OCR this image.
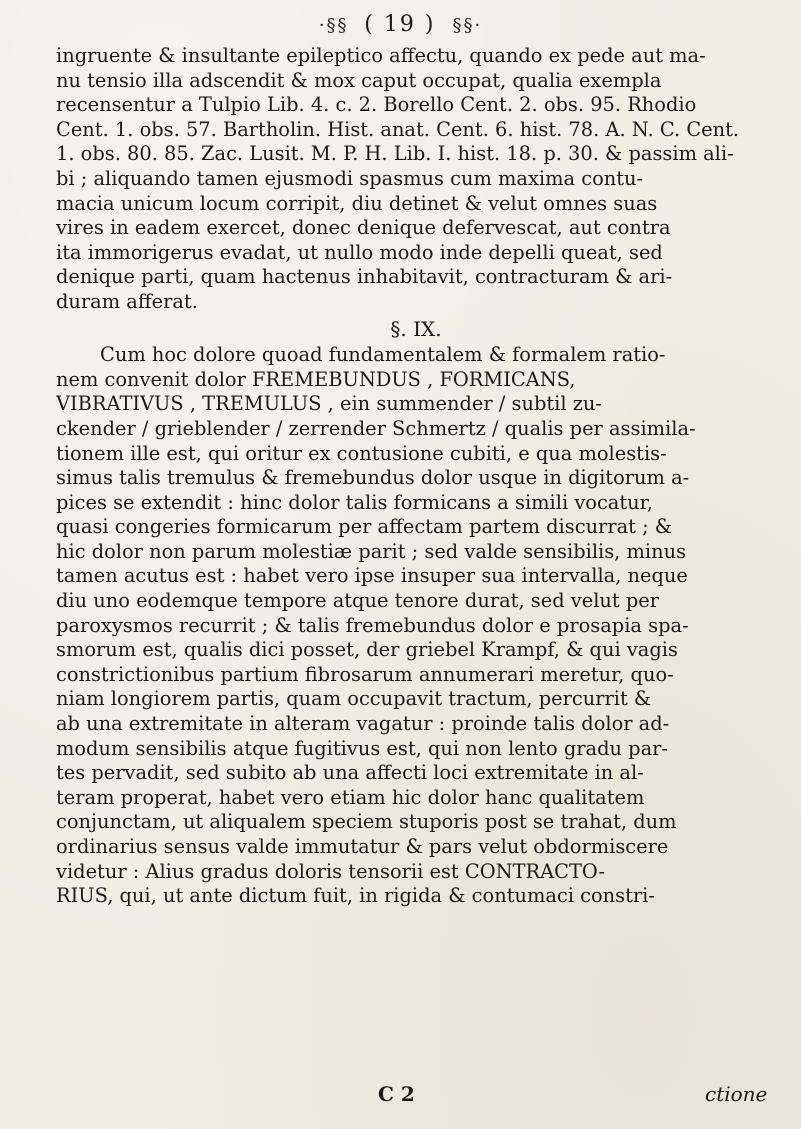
·§§ ( 19 ) §§·
ingruente & insultante epileptico affectu, quando ex pede aut ma-
nu tensio illa adscendit & mox caput occupat, qualia exempla
recensentur a Tulpio Lib. 4. c. 2. Borello Cent. 2. obs. 95. Rhodio
Cent. 1. obs. 57. Bartholin. Hist. anat. Cent. 6. hist. 78. A. N. C. Cent.
1. obs. 80. 85. Zac. Lusit. M. P. H. Lib. I. hist. 18. p. 30. & passim ali-
bi ; aliquando tamen ejusmodi spasmus cum maxima contu-
macia unicum locum corripit, diu detinet & velut omnes suas
vires in eadem exercet, donec denique defervescat, aut contra
ita immorigerus evadat, ut nullo modo inde depelli queat, sed
denique parti, quam hactenus inhabitavit, contracturam & ari-
duram afferat.
§. IX.
Cum hoc dolore quoad fundamentalem & formalem ratio-
nem convenit dolor FREMEBUNDUS , FORMICANS,
VIBRATIVUS , TREMULUS , ein summender / subtil zu-
ckender / grieblender / zerrender Schmertz / qualis per assimila-
tionem ille est, qui oritur ex contusione cubiti, e qua molestis-
simus talis tremulus & fremebundus dolor usque in digitorum a-
pices se extendit : hinc dolor talis formicans a simili vocatur,
quasi congeries formicarum per affectam partem discurrat ; &
hic dolor non parum molestiæ parit ; sed valde sensibilis, minus
tamen acutus est : habet vero ipse insuper sua intervalla, neque
diu uno eodemque tempore atque tenore durat, sed velut per
paroxysmos recurrit ; & talis fremebundus dolor e prosapia spa-
smorum est, qualis dici posset, der griebel Krampf, & qui vagis
constrictionibus partium fibrosarum annumerari meretur, quo-
niam longiorem partis, quam occupavit tractum, percurrit &
ab una extremitate in alteram vagatur : proinde talis dolor ad-
modum sensibilis atque fugitivus est, qui non lento gradu par-
tes pervadit, sed subito ab una affecti loci extremitate in al-
teram properat, habet vero etiam hic dolor hanc qualitatem
conjunctam, ut aliqualem speciem stuporis post se trahat, dum
ordinarius sensus valde immutatur & pars velut obdormiscere
videtur : Alius gradus doloris tensorii est CONTRACTO-
RIUS, qui, ut ante dictum fuit, in rigida & contumaci constri-
C 2	ctione
